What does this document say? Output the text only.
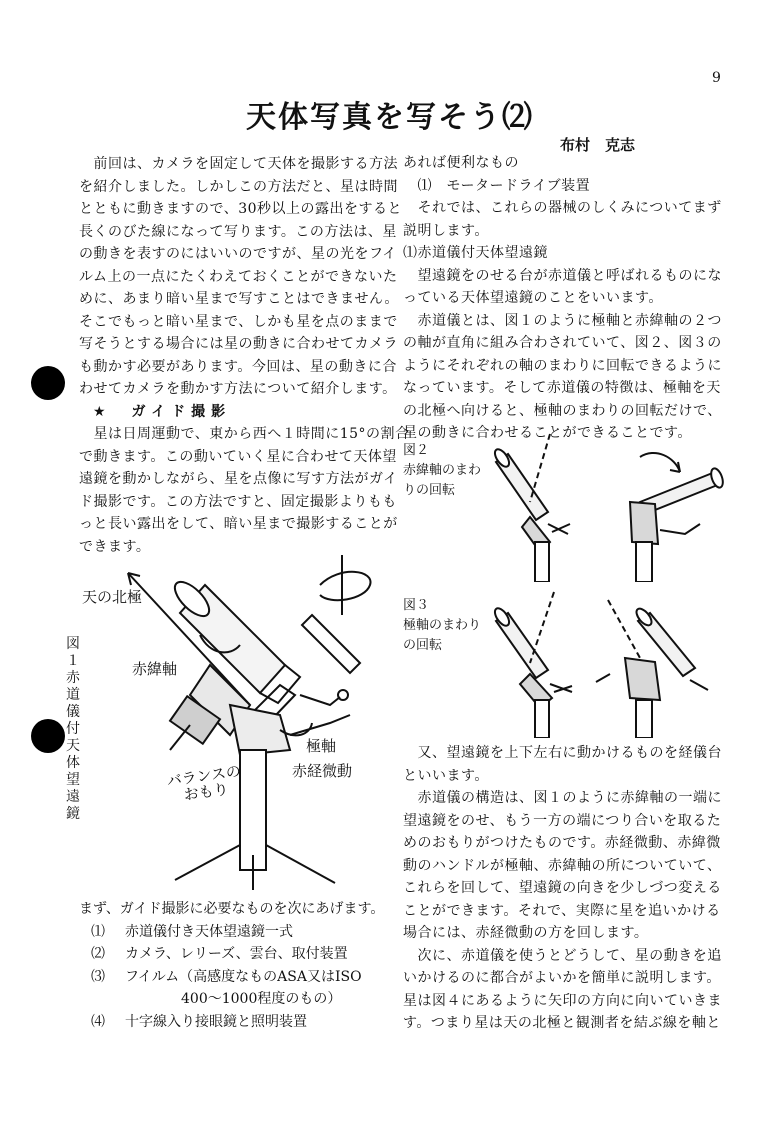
9
天体写真を写そう⑵
布村　克志

　前回は、カメラを固定して天体を撮影する方法

を紹介しました。しかしこの方法だと、星は時間

とともに動きますので、30秒以上の露出をすると

長くのびた線になって写ります。この方法は、星

の動きを表すのにはいいのですが、星の光をフイ

ルム上の一点にたくわえておくことができないた

めに、あまり暗い星まで写すことはできません。

そこでもっと暗い星まで、しかも星を点のままで

写そうとする場合には星の動きに合わせてカメラ

も動かす必要があります。今回は、星の動きに合

わせてカメラを動かす方法について紹介します。

★　ガイド撮影

　星は日周運動で、東から西へ１時間に15°の割合

で動きます。この動いていく星に合わせて天体望

遠鏡を動かしながら、星を点像に写す方法がガイ

ド撮影です。この方法ですと、固定撮影よりもも

っと長い露出をして、暗い星まで撮影することが

できます。

図１　赤道儀付天体望遠鏡
天の北極
赤緯軸
極軸
赤経微動
バランスのおもり
まず、ガイド撮影に必要なものを次にあげます。
⑴ 赤道儀付き天体望遠鏡一式
⑵ カメラ、レリーズ、雲台、取付装置
⑶ フイルム（高感度なものASA又はISO
　　　　400～1000程度のもの）
⑷ 十字線入り接眼鏡と照明装置

あれば便利なもの

　⑴　モータードライブ装置

　それでは、これらの器械のしくみについてまず

説明します。

⑴赤道儀付天体望遠鏡

　望遠鏡をのせる台が赤道儀と呼ばれるものにな

っている天体望遠鏡のことをいいます。

　赤道儀とは、図１のように極軸と赤緯軸の２つ

の軸が直角に組み合わされていて、図２、図３の

ようにそれぞれの軸のまわりに回転できるように

なっています。そして赤道儀の特徴は、極軸を天

の北極へ向けると、極軸のまわりの回転だけで、

星の動きに合わせることができることです。

図２
赤緯軸のまわ
りの回転
図３
極軸のまわり
の回転

　又、望遠鏡を上下左右に動かけるものを経儀台

といいます。

　赤道儀の構造は、図１のように赤緯軸の一端に

望遠鏡をのせ、もう一方の端につり合いを取るた

めのおもりがつけたものです。赤経微動、赤緯微

動のハンドルが極軸、赤緯軸の所についていて、

これらを回して、望遠鏡の向きを少しづつ変える

ことができます。それで、実際に星を追いかける

場合には、赤経微動の方を回します。

　次に、赤道儀を使うとどうして、星の動きを追

いかけるのに都合がよいかを簡単に説明します。

星は図４にあるように矢印の方向に向いていきま

す。つまり星は天の北極と観測者を結ぶ線を軸と
